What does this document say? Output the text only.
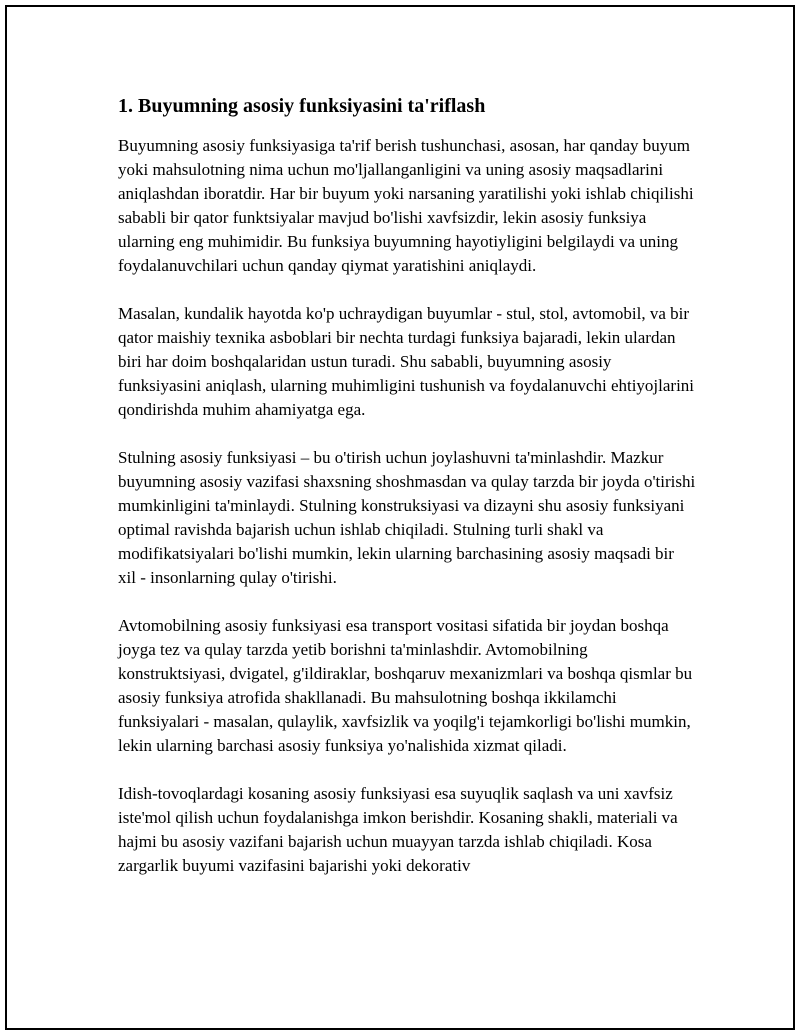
1. Buyumning asosiy funksiyasini ta'riflash

Buyumning asosiy funksiyasiga ta'rif berish tushunchasi, asosan, har qanday buyum yoki mahsulotning nima uchun mo'ljallanganligini va uning asosiy maqsadlarini aniqlashdan iboratdir. Har bir buyum yoki narsaning yaratilishi yoki ishlab chiqilishi sababli bir qator funktsiyalar mavjud bo'lishi xavfsizdir, lekin asosiy funksiya ularning eng muhimidir. Bu funksiya buyumning hayotiyligini belgilaydi va uning foydalanuvchilari uchun qanday qiymat yaratishini aniqlaydi.

Masalan, kundalik hayotda ko'p uchraydigan buyumlar - stul, stol, avtomobil, va bir qator maishiy texnika asboblari bir nechta turdagi funksiya bajaradi, lekin ulardan biri har doim boshqalaridan ustun turadi. Shu sababli, buyumning asosiy funksiyasini aniqlash, ularning muhimligini tushunish va foydalanuvchi ehtiyojlarini qondirishda muhim ahamiyatga ega.

Stulning asosiy funksiyasi – bu o'tirish uchun joylashuvni ta'minlashdir. Mazkur buyumning asosiy vazifasi shaxsning shoshmasdan va qulay tarzda bir joyda o'tirishi mumkinligini ta'minlaydi. Stulning konstruksiyasi va dizayni shu asosiy funksiyani optimal ravishda bajarish uchun ishlab chiqiladi. Stulning turli shakl va modifikatsiyalari bo'lishi mumkin, lekin ularning barchasining asosiy maqsadi bir xil - insonlarning qulay o'tirishi.

Avtomobilning asosiy funksiyasi esa transport vositasi sifatida bir joydan boshqa joyga tez va qulay tarzda yetib borishni ta'minlashdir. Avtomobilning konstruktsiyasi, dvigatel, g'ildiraklar, boshqaruv mexanizmlari va boshqa qismlar bu asosiy funksiya atrofida shakllanadi. Bu mahsulotning boshqa ikkilamchi funksiyalari - masalan, qulaylik, xavfsizlik va yoqilg'i tejamkorligi bo'lishi mumkin, lekin ularning barchasi asosiy funksiya yo'nalishida xizmat qiladi.

Idish-tovoqlardagi kosaning asosiy funksiyasi esa suyuqlik saqlash va uni xavfsiz iste'mol qilish uchun foydalanishga imkon berishdir. Kosaning shakli, materiali va hajmi bu asosiy vazifani bajarish uchun muayyan tarzda ishlab chiqiladi. Kosa zargarlik buyumi vazifasini bajarishi yoki dekorativ
